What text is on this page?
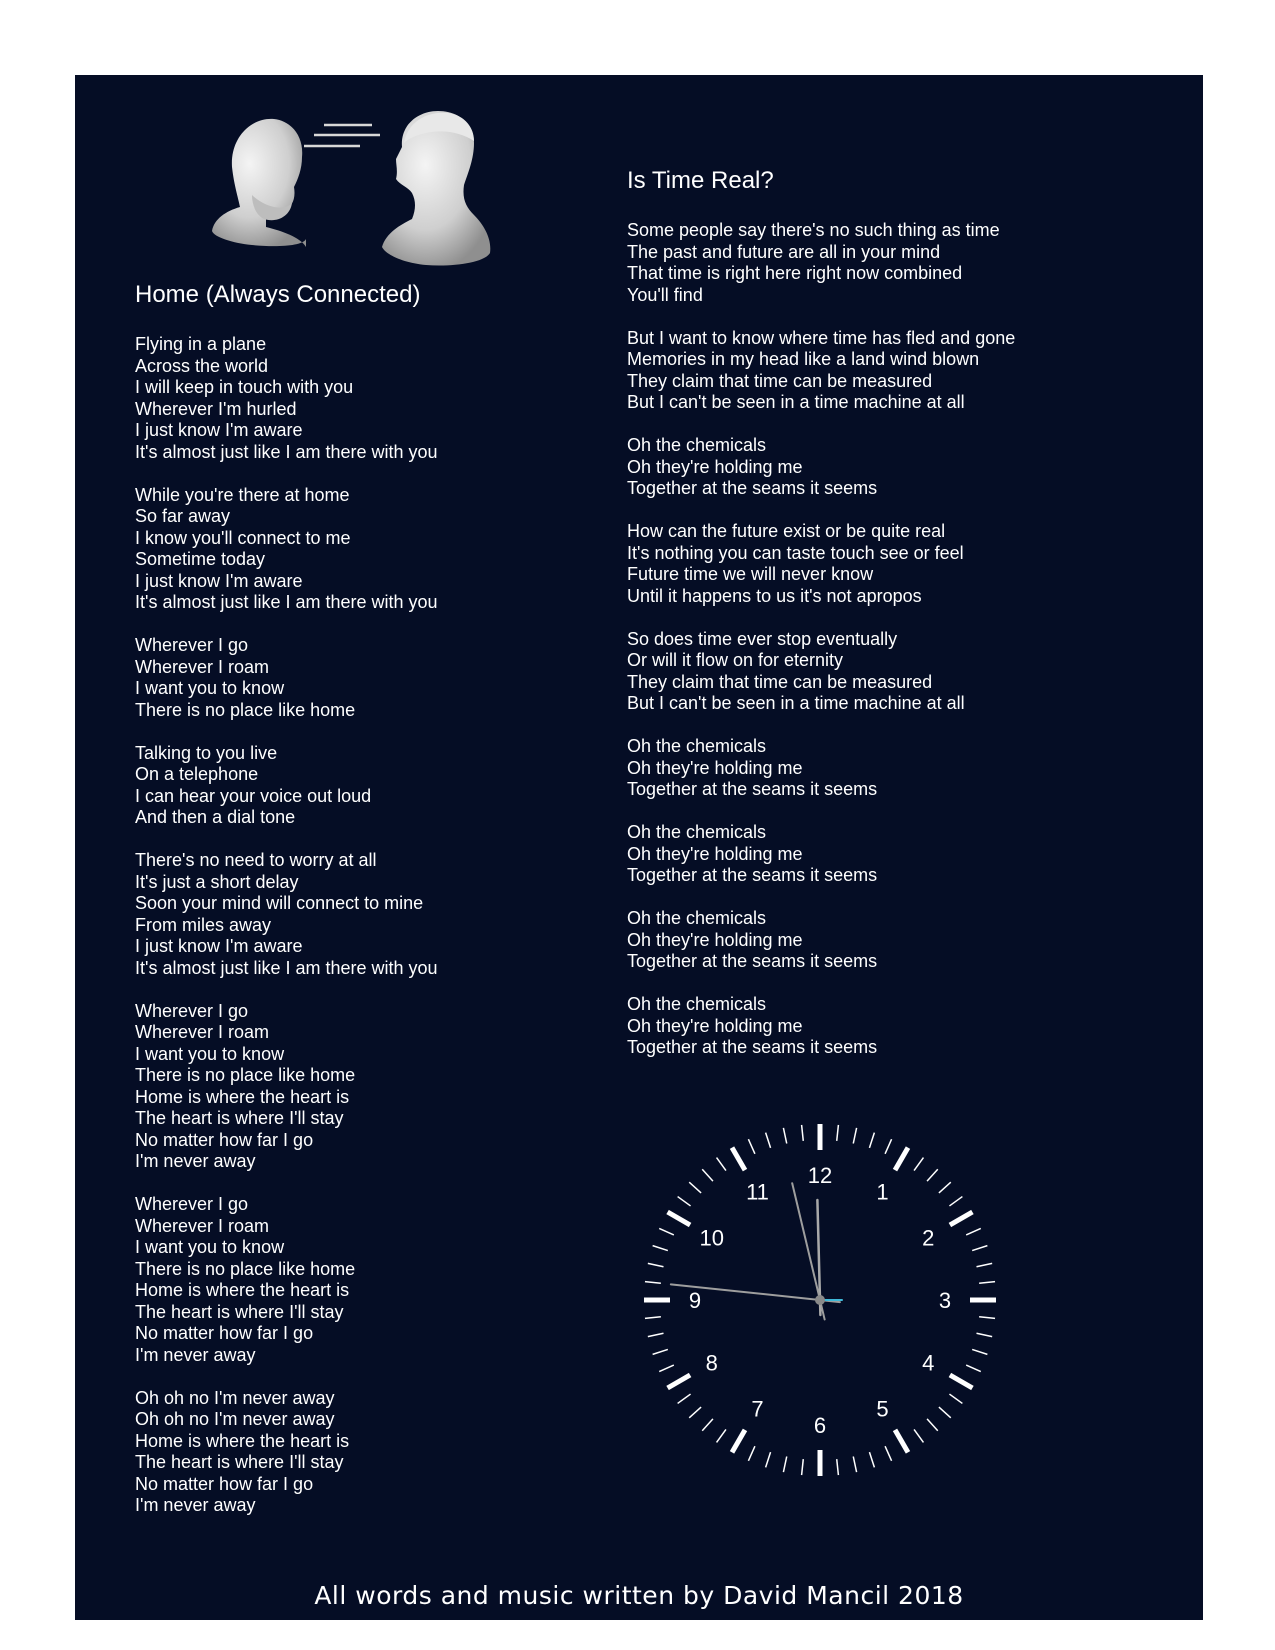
Home (Always Connected)
Flying in a plane
Across the world
I will keep in touch with you
Wherever I'm hurled
I just know I'm aware
It's almost just like I am there with you
While you're there at home
So far away
I know you'll connect to me
Sometime today
I just know I'm aware
It's almost just like I am there with you
Wherever I go
Wherever I roam
I want you to know
There is no place like home
Talking to you live
On a telephone
I can hear your voice out loud
And then a dial tone
There's no need to worry at all
It's just a short delay
Soon your mind will connect to mine
From miles away
I just know I'm aware
It's almost just like I am there with you
Wherever I go
Wherever I roam
I want you to know
There is no place like home
Home is where the heart is
The heart is where I'll stay
No matter how far I go
I'm never away
Wherever I go
Wherever I roam
I want you to know
There is no place like home
Home is where the heart is
The heart is where I'll stay
No matter how far I go
I'm never away
Oh oh no I'm never away
Oh oh no I'm never away
Home is where the heart is
The heart is where I'll stay
No matter how far I go
I'm never away
Is Time Real?
Some people say there's no such thing as time
The past and future are all in your mind
That time is right here right now combined
You'll find
But I want to know where time has fled and gone
Memories in my head like a land wind blown
They claim that time can be measured
But I can't be seen in a time machine at all
Oh the chemicals
Oh they're holding me
Together at the seams it seems
How can the future exist or be quite real
It's nothing you can taste touch see or feel
Future time we will never know
Until it happens to us it's not apropos
So does time ever stop eventually
Or will it flow on for eternity
They claim that time can be measured
But I can't be seen in a time machine at all
Oh the chemicals
Oh they're holding me
Together at the seams it seems
Oh the chemicals
Oh they're holding me
Together at the seams it seems
Oh the chemicals
Oh they're holding me
Together at the seams it seems
Oh the chemicals
Oh they're holding me
Together at the seams it seems
12
1
2
3
4
5
6
7
8
9
10
11
All words and music written by David Mancil 2018
